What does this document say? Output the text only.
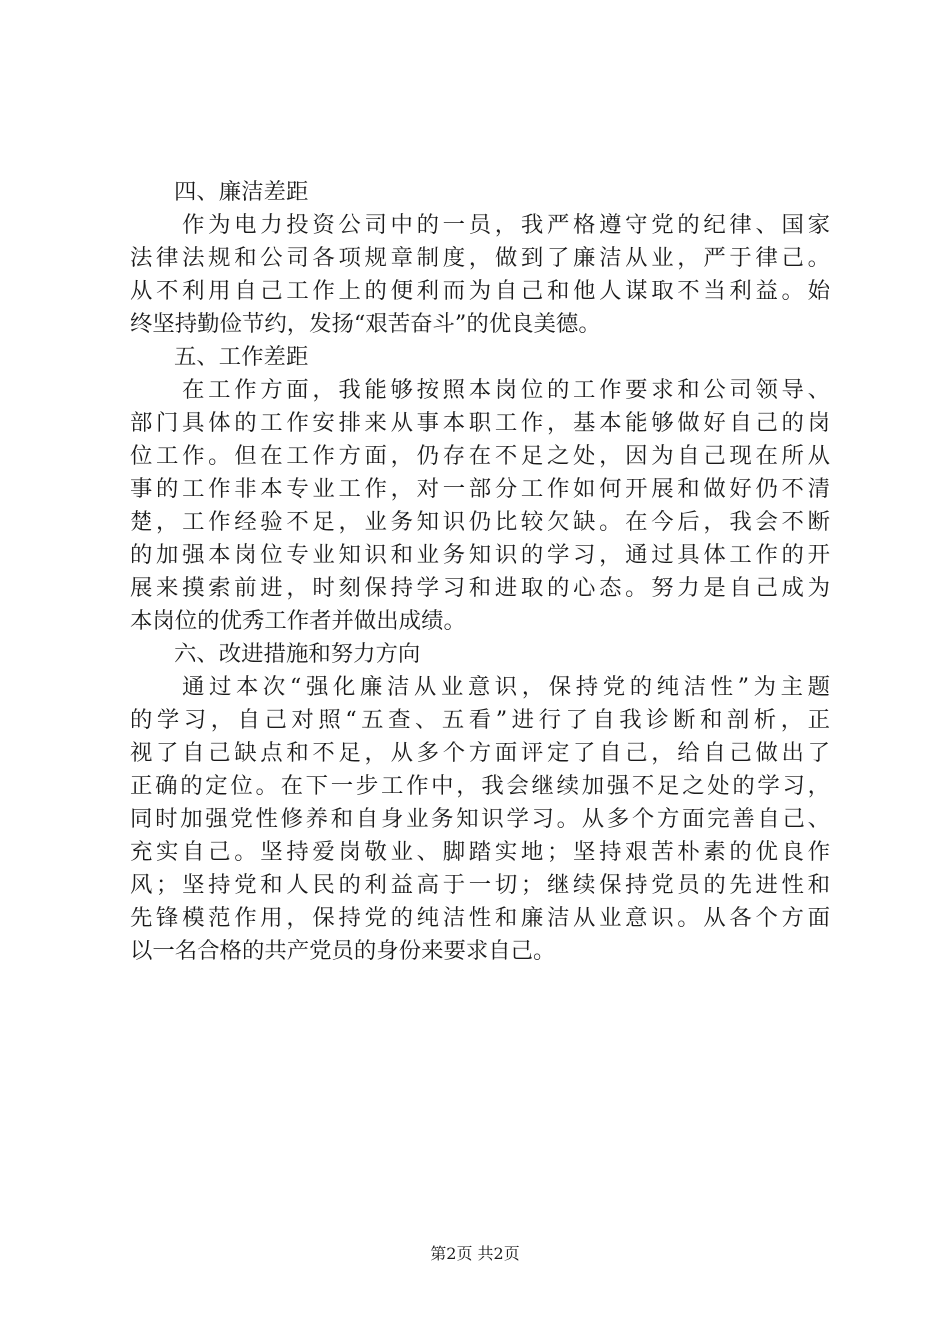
四、廉洁差距
作为电力投资公司中的一员，我严格遵守党的纪律、国家
法律法规和公司各项规章制度，做到了廉洁从业，严于律己。
从不利用自己工作上的便利而为自己和他人谋取不当利益。始
终坚持勤俭节约，发扬“艰苦奋斗”的优良美德。
五、工作差距
在工作方面，我能够按照本岗位的工作要求和公司领导、
部门具体的工作安排来从事本职工作，基本能够做好自己的岗
位工作。但在工作方面，仍存在不足之处，因为自己现在所从
事的工作非本专业工作，对一部分工作如何开展和做好仍不清
楚，工作经验不足，业务知识仍比较欠缺。在今后，我会不断
的加强本岗位专业知识和业务知识的学习，通过具体工作的开
展来摸索前进，时刻保持学习和进取的心态。努力是自己成为
本岗位的优秀工作者并做出成绩。
六、改进措施和努力方向
通过本次“强化廉洁从业意识，保持党的纯洁性”为主题
的学习，自己对照“五查、五看”进行了自我诊断和剖析，正
视了自己缺点和不足，从多个方面评定了自己，给自己做出了
正确的定位。在下一步工作中，我会继续加强不足之处的学习，
同时加强党性修养和自身业务知识学习。从多个方面完善自己、
充实自己。坚持爱岗敬业、脚踏实地；坚持艰苦朴素的优良作
风；坚持党和人民的利益高于一切；继续保持党员的先进性和
先锋模范作用，保持党的纯洁性和廉洁从业意识。从各个方面
以一名合格的共产党员的身份来要求自己。
第2页 共2页
